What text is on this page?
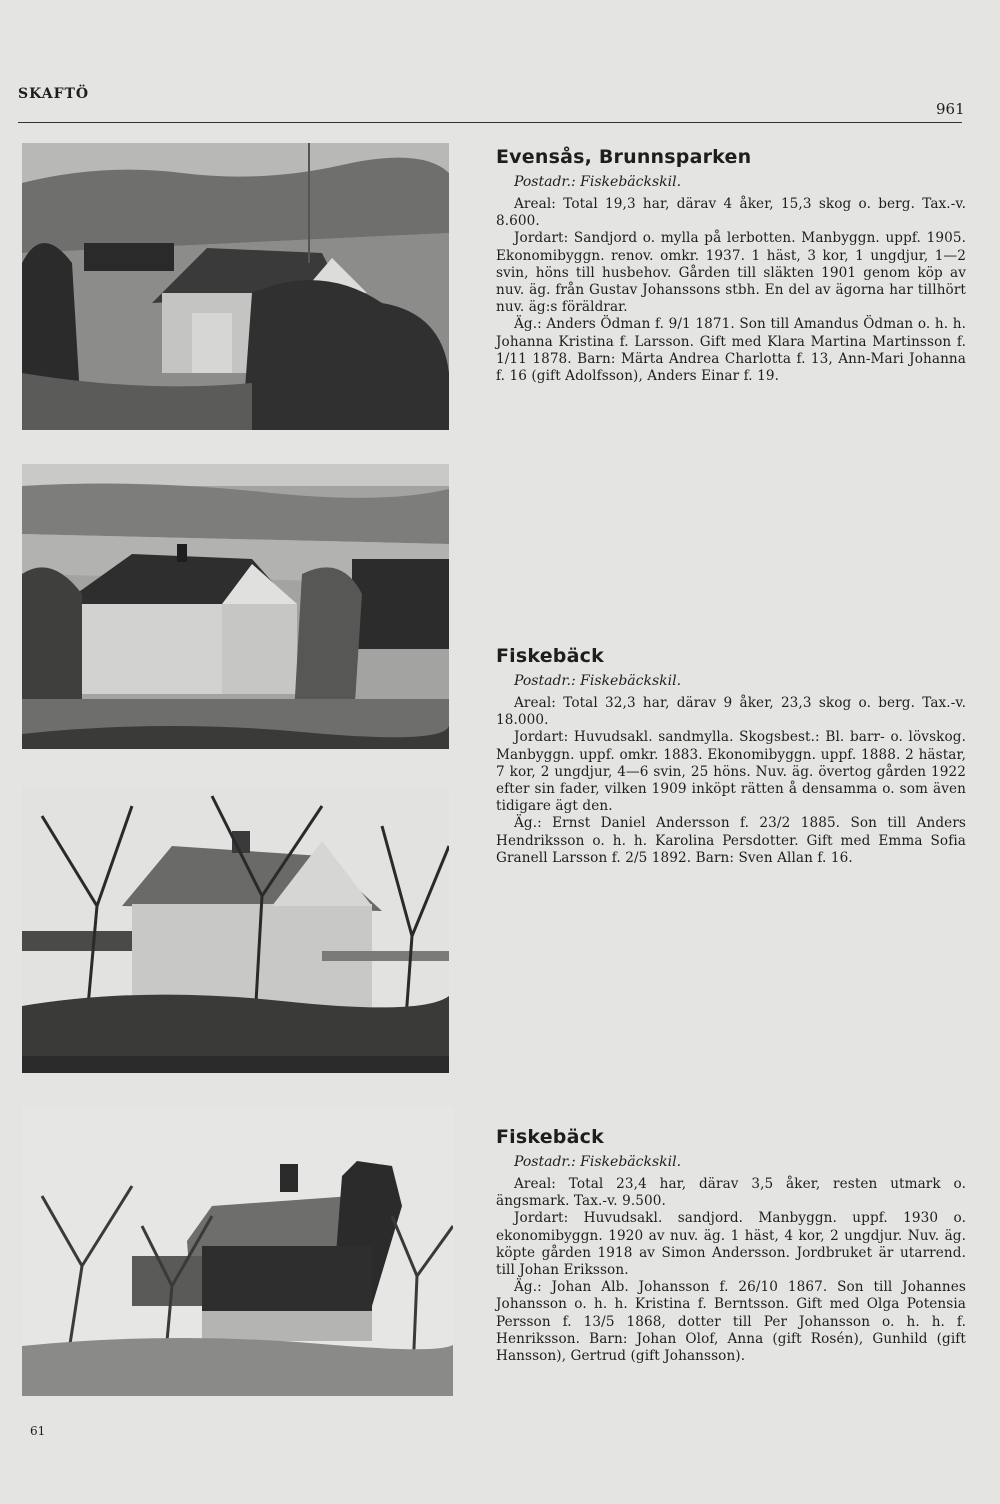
SKAFTÖ
961
Evensås, Brunnsparken
Postadr.: Fiskebäckskil.

Areal: Total 19,3 har, därav 4 åker, 15,3 skog o. berg. Tax.-v. 8.600.

Jordart: Sandjord o. mylla på lerbotten. Manbyggn. uppf. 1905. Ekonomibyggn. renov. omkr. 1937. 1 häst, 3 kor, 1 ungdjur, 1—2 svin, höns till husbehov. Gården till släkten 1901 genom köp av nuv. äg. från Gustav Johanssons stbh. En del av ägorna har tillhört nuv. äg:s föräldrar.

Äg.: Anders Ödman f. 9/1 1871. Son till Amandus Ödman o. h. h. Johanna Kristina f. Larsson. Gift med Klara Martina Martinsson f. 1/11 1878. Barn: Märta Andrea Charlotta f. 13, Ann-Mari Johanna f. 16 (gift Adolfsson), Anders Einar f. 19.

Fiskebäck
Postadr.: Fiskebäckskil.

Areal: Total 32,3 har, därav 9 åker, 23,3 skog o. berg. Tax.-v. 18.000.

Jordart: Huvudsakl. sandmylla. Skogsbest.: Bl. barr- o. lövskog. Manbyggn. uppf. omkr. 1883. Ekonomibyggn. uppf. 1888. 2 hästar, 7 kor, 2 ungdjur, 4—6 svin, 25 höns. Nuv. äg. övertog gården 1922 efter sin fader, vilken 1909 inköpt rätten å densamma o. som även tidigare ägt den.

Äg.: Ernst Daniel Andersson f. 23/2 1885. Son till Anders Hendriksson o. h. h. Karolina Persdotter. Gift med Emma Sofia Granell Larsson f. 2/5 1892. Barn: Sven Allan f. 16.

Fiskebäck
Postadr.: Fiskebäckskil.

Areal: Total 23,4 har, därav 3,5 åker, resten utmark o. ängsmark. Tax.-v. 9.500.

Jordart: Huvudsakl. sandjord. Manbyggn. uppf. 1930 o. ekonomibyggn. 1920 av nuv. äg. 1 häst, 4 kor, 2 ungdjur. Nuv. äg. köpte gården 1918 av Simon Andersson. Jordbruket är utarrend. till Johan Eriksson.

Äg.: Johan Alb. Johansson f. 26/10 1867. Son till Johannes Johansson o. h. h. Kristina f. Berntsson. Gift med Olga Potensia Persson f. 13/5 1868, dotter till Per Johansson o. h. h. f. Henriksson. Barn: Johan Olof, Anna (gift Rosén), Gunhild (gift Hansson), Gertrud (gift Johansson).

61
